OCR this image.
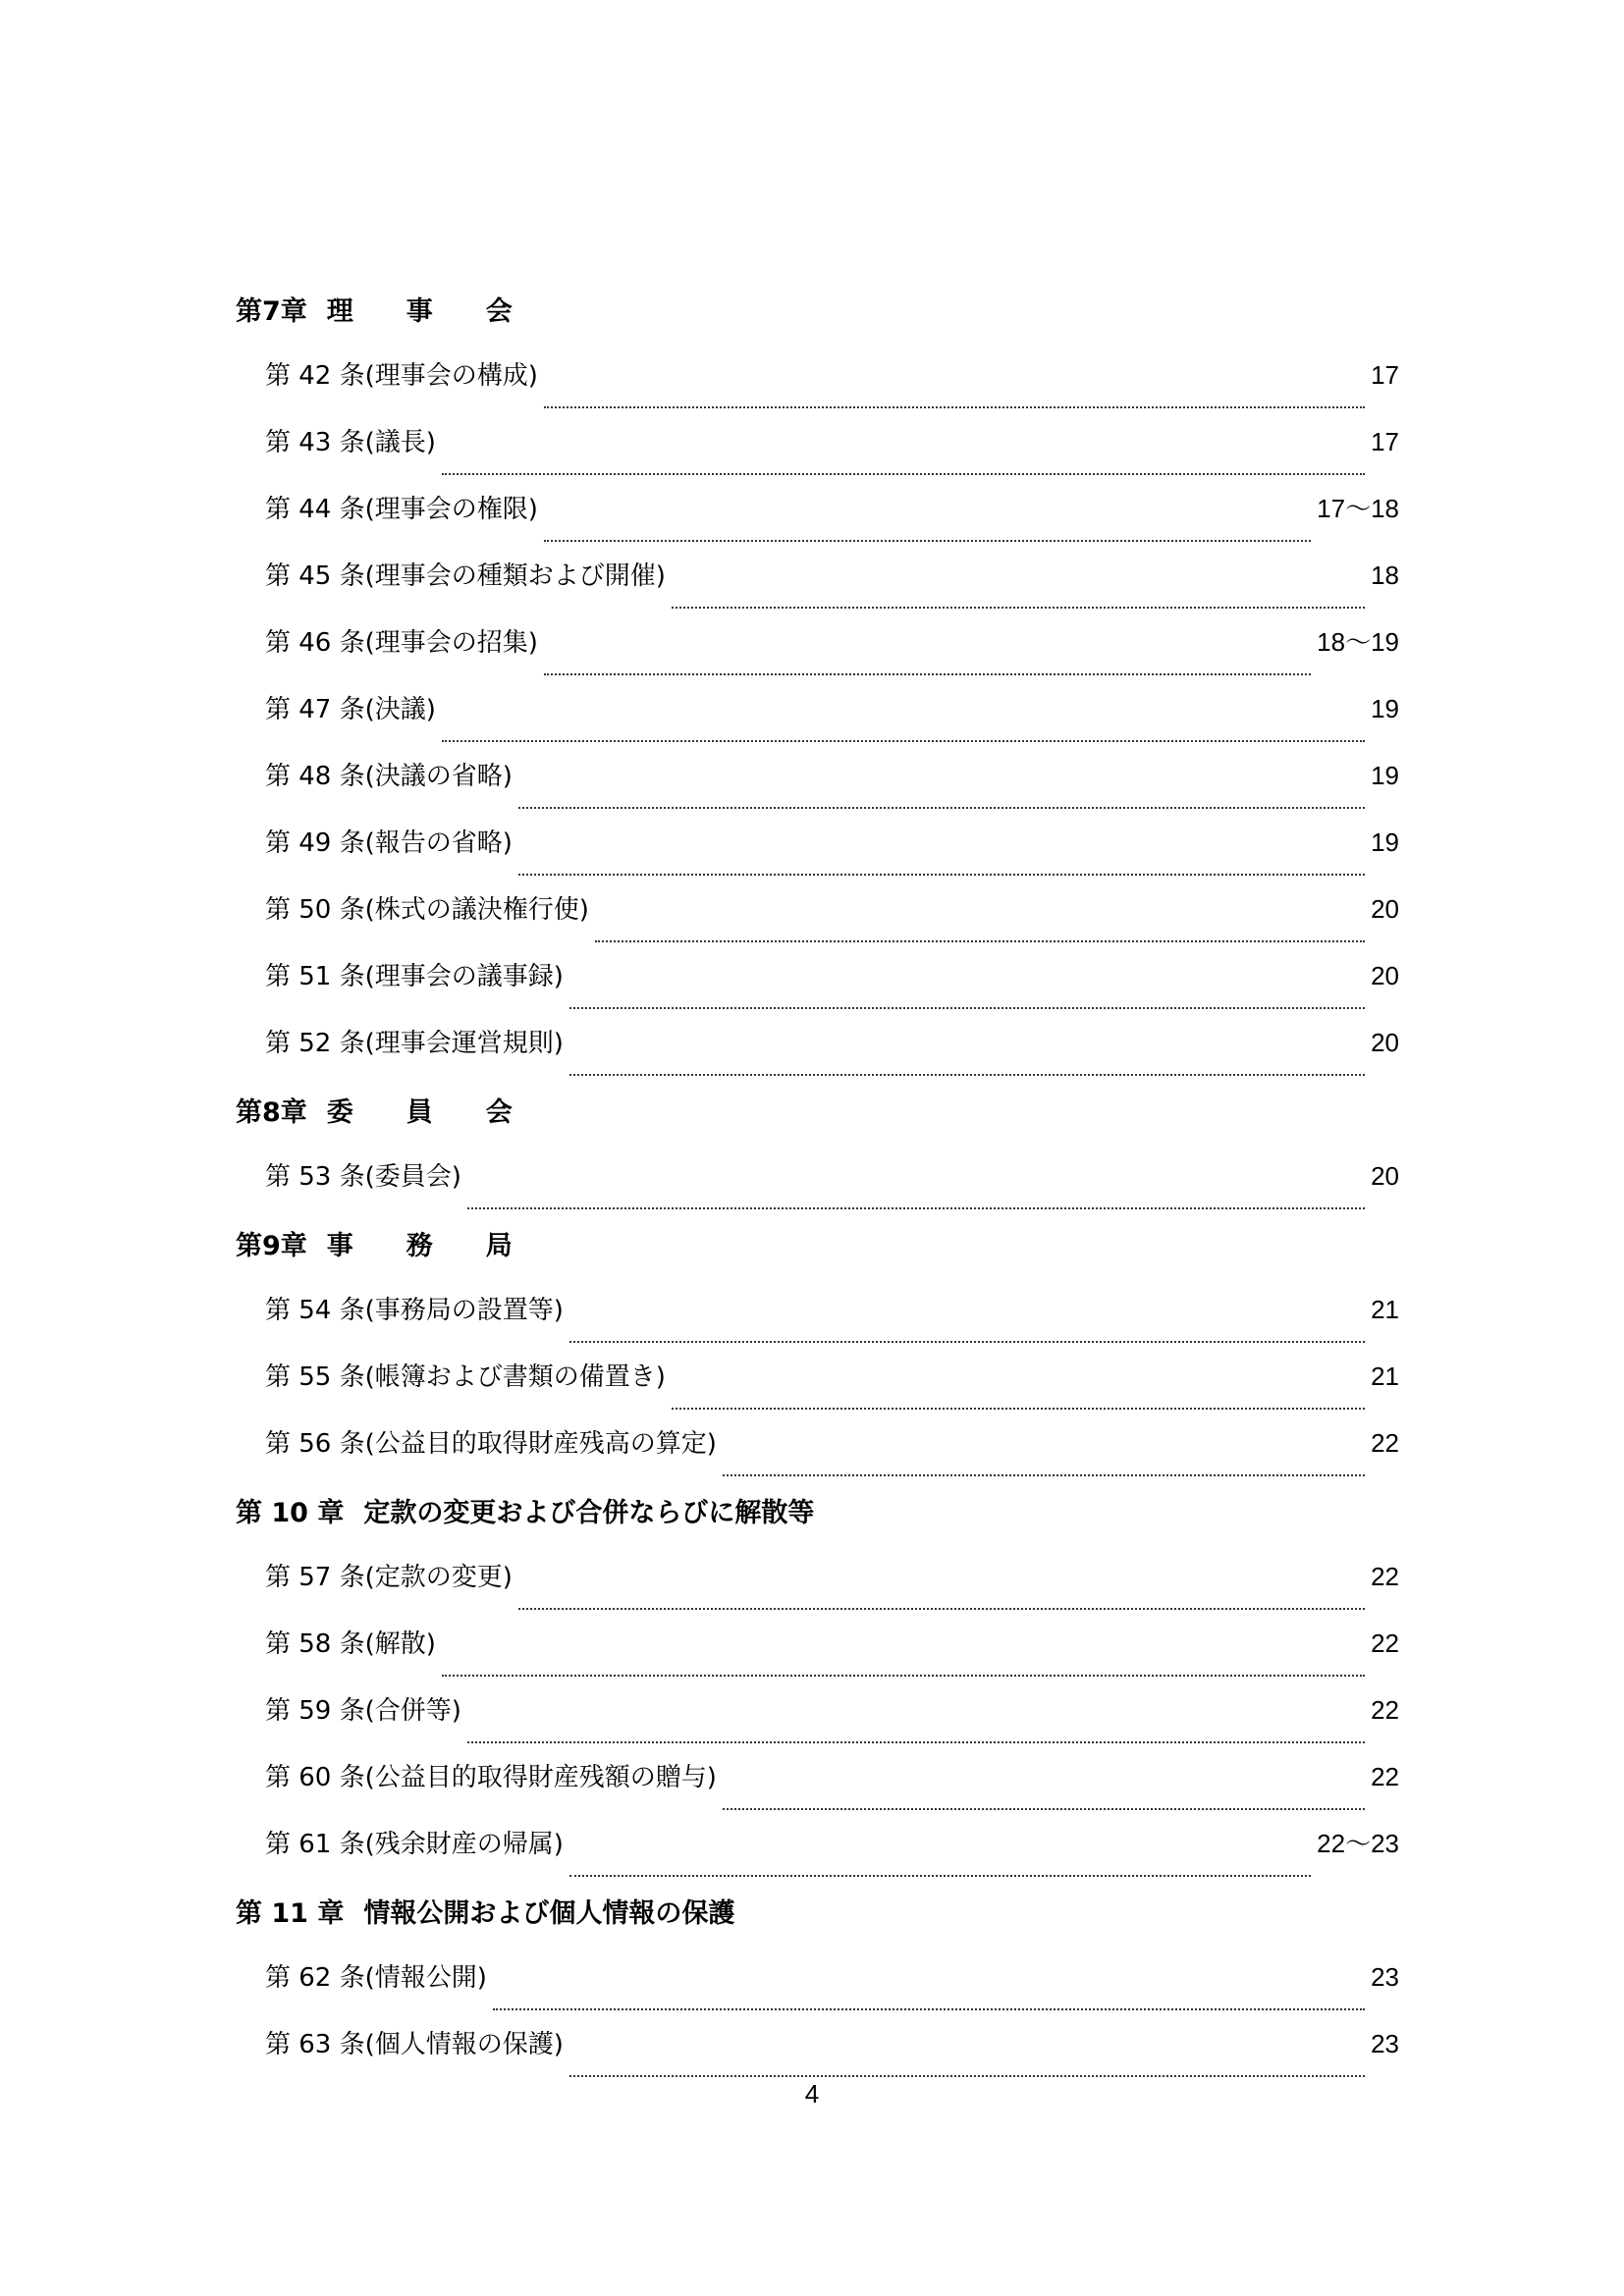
第7章 理　　事　　会
第 42 条(理事会の構成)	17
第 43 条(議長)	17
第 44 条(理事会の権限)	17〜18
第 45 条(理事会の種類および開催)	18
第 46 条(理事会の招集)	18〜19
第 47 条(決議)	19
第 48 条(決議の省略)	19
第 49 条(報告の省略)	19
第 50 条(株式の議決権行使)	20
第 51 条(理事会の議事録)	20
第 52 条(理事会運営規則)	20
第8章 委　　員　　会
第 53 条(委員会)	20
第9章 事　　務　　局
第 54 条(事務局の設置等)	21
第 55 条(帳簿および書類の備置き)	21
第 56 条(公益目的取得財産残高の算定)	22
第 10 章 定款の変更および合併ならびに解散等
第 57 条(定款の変更)	22
第 58 条(解散)	22
第 59 条(合併等)	22
第 60 条(公益目的取得財産残額の贈与)	22
第 61 条(残余財産の帰属)	22〜23
第 11 章 情報公開および個人情報の保護
第 62 条(情報公開)	23
第 63 条(個人情報の保護)	23
4
